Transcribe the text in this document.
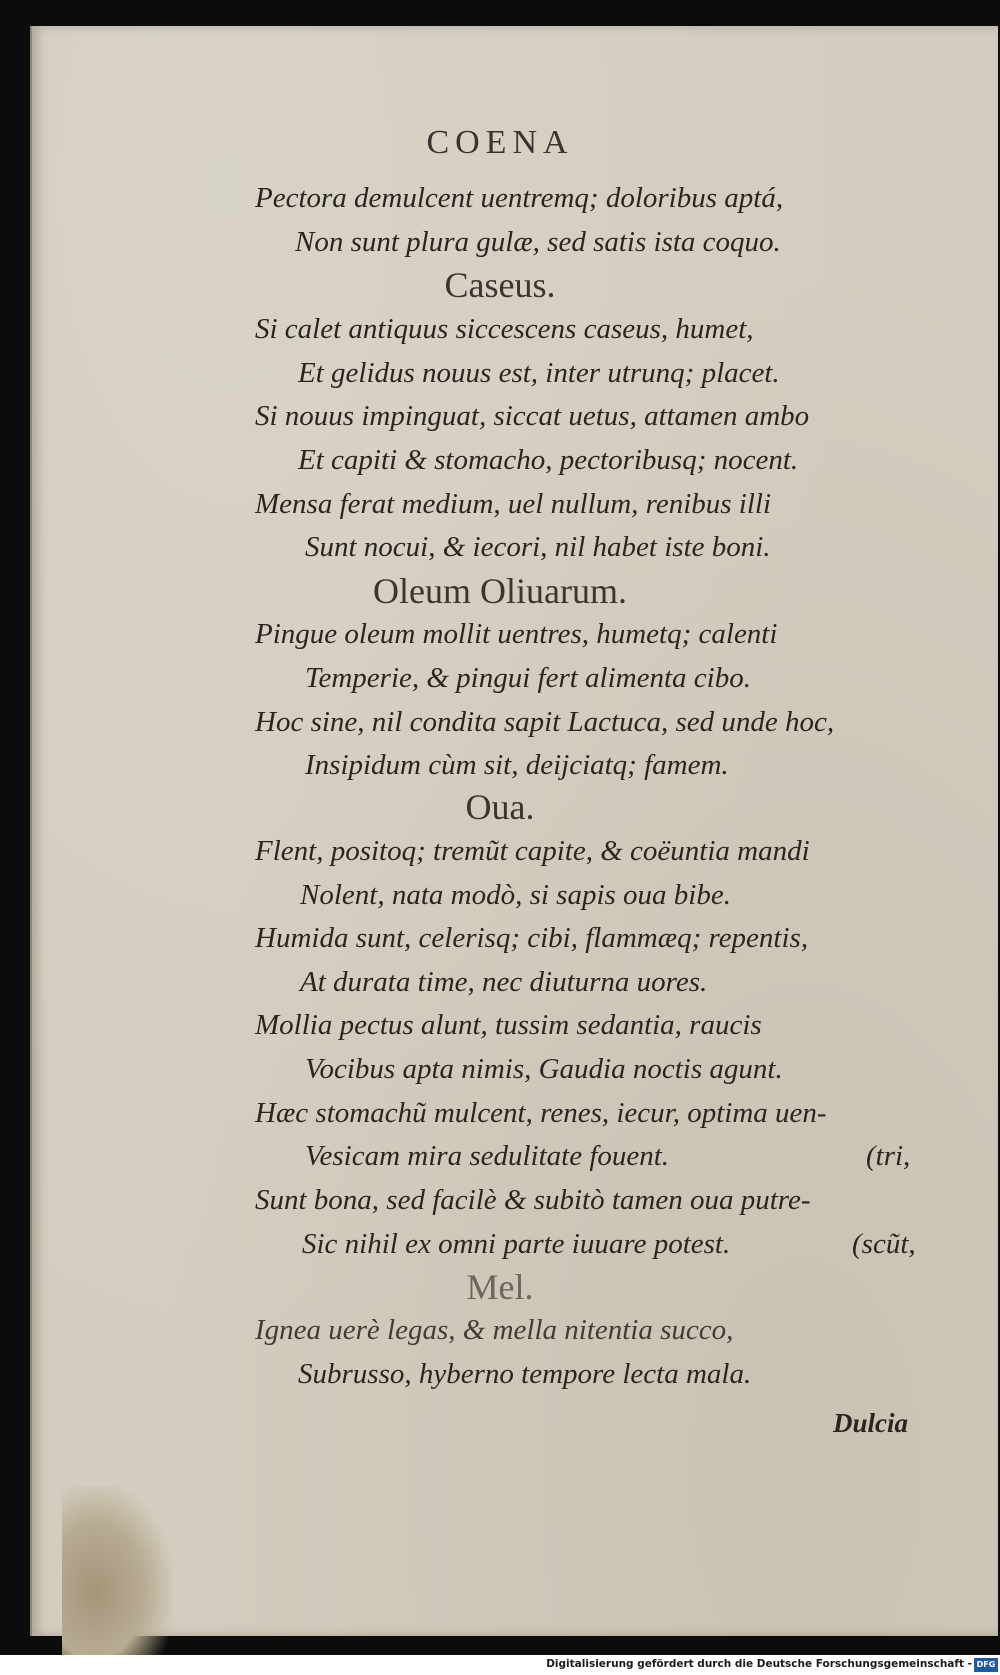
COENA
Pectora demulcent uentremq; doloribus aptá,
Non sunt plura gulæ, sed satis ista coquo.
Caseus.
Si calet antiquus siccescens caseus, humet,
Et gelidus nouus est, inter utrunq; placet.
Si nouus impinguat, siccat uetus, attamen ambo
Et capiti & stomacho, pectoribusq; nocent.
Mensa ferat medium, uel nullum, renibus illi
Sunt nocui, & iecori, nil habet iste boni.
Oleum Oliuarum.
Pingue oleum mollit uentres, humetq; calenti
Temperie, & pingui fert alimenta cibo.
Hoc sine, nil condita sapit Lactuca, sed unde hoc,
Insipidum cùm sit, deijciatq; famem.
Oua.
Flent, positoq; tremũt capite, & coëuntia mandi
Nolent, nata modò, si sapis oua bibe.
Humida sunt, celerisq; cibi, flammæq; repentis,
At durata time, nec diuturna uores.
Mollia pectus alunt, tussim sedantia, raucis
Vocibus apta nimis, Gaudia noctis agunt.
Hæc stomachũ mulcent, renes, iecur, optima uen-
Vesicam mira sedulitate fouent.	(tri,
Sunt bona, sed facilè & subitò tamen oua putre-
Sic nihil ex omni parte iuuare potest.	(scũt,
Mel.
Ignea uerè legas, & mella nitentia succo,
Subrusso, hyberno tempore lecta mala.
Dulcia
Digitalisierung gefördert durch die Deutsche Forschungsgemeinschaft - DFG
